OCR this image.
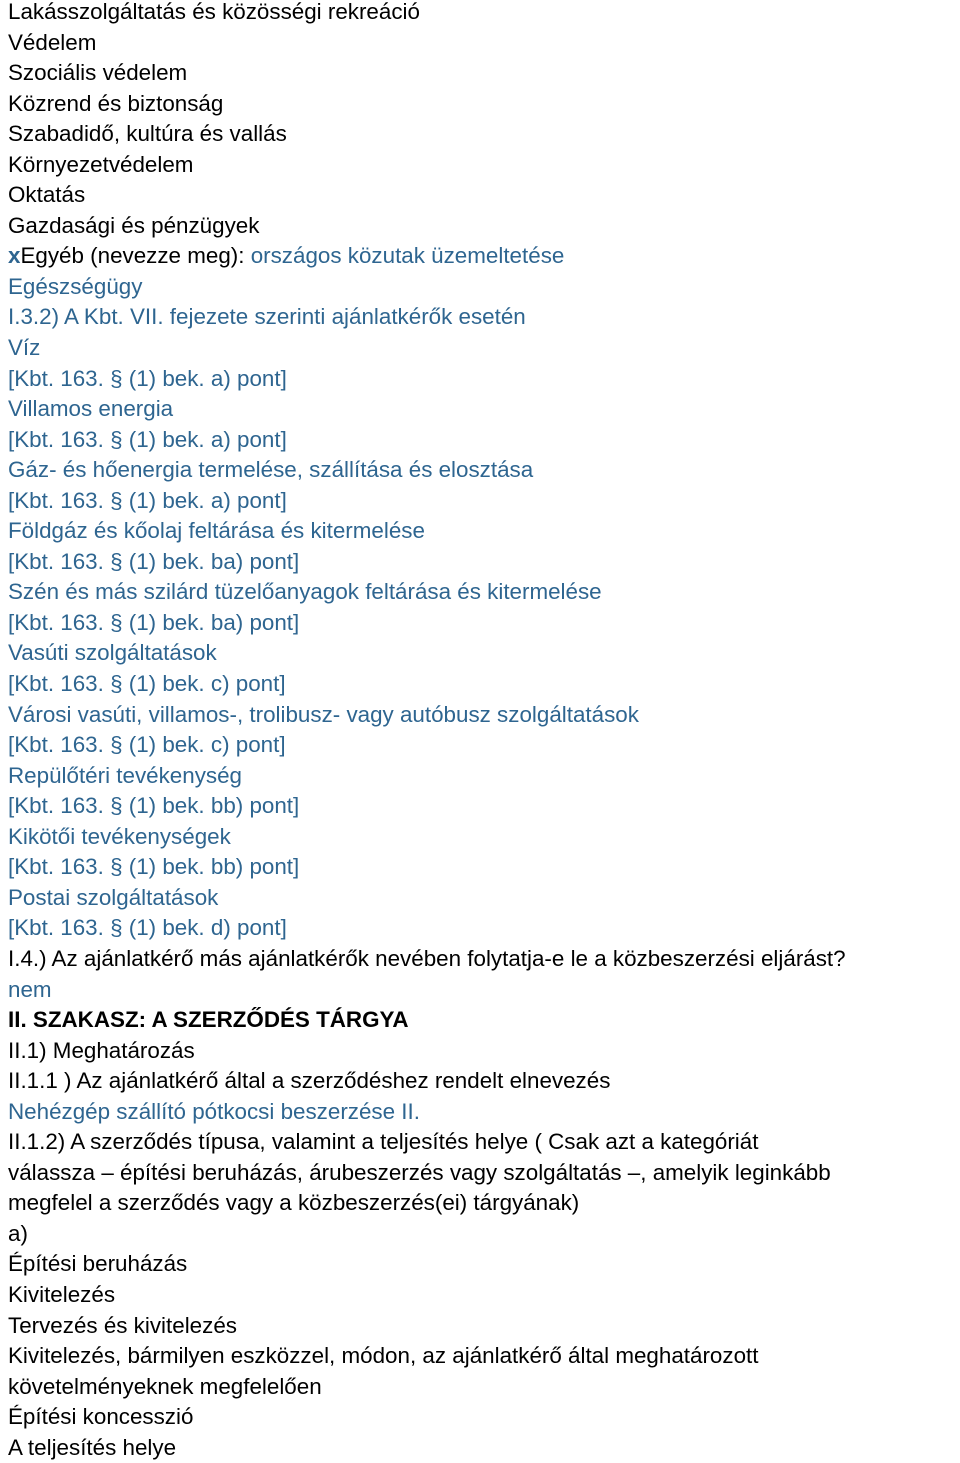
Lakásszolgáltatás és közösségi rekreáció
Védelem
Szociális védelem
Közrend és biztonság
Szabadidő, kultúra és vallás
Környezetvédelem
Oktatás
Gazdasági és pénzügyek
xEgyéb (nevezze meg): országos közutak üzemeltetése
Egészségügy
I.3.2) A Kbt. VII. fejezete szerinti ajánlatkérők esetén
Víz
[Kbt. 163. § (1) bek. a) pont]
Villamos energia
[Kbt. 163. § (1) bek. a) pont]
Gáz- és hőenergia termelése, szállítása és elosztása
[Kbt. 163. § (1) bek. a) pont]
Földgáz és kőolaj feltárása és kitermelése
[Kbt. 163. § (1) bek. ba) pont]
Szén és más szilárd tüzelőanyagok feltárása és kitermelése
[Kbt. 163. § (1) bek. ba) pont]
Vasúti szolgáltatások
[Kbt. 163. § (1) bek. c) pont]
Városi vasúti, villamos-, trolibusz- vagy autóbusz szolgáltatások
[Kbt. 163. § (1) bek. c) pont]
Repülőtéri tevékenység
[Kbt. 163. § (1) bek. bb) pont]
Kikötői tevékenységek
[Kbt. 163. § (1) bek. bb) pont]
Postai szolgáltatások
[Kbt. 163. § (1) bek. d) pont]
I.4.) Az ajánlatkérő más ajánlatkérők nevében folytatja-e le a közbeszerzési eljárást?
nem
II. SZAKASZ: A SZERZŐDÉS TÁRGYA
II.1) Meghatározás
II.1.1 ) Az ajánlatkérő által a szerződéshez rendelt elnevezés
Nehézgép szállító pótkocsi beszerzése II.
II.1.2) A szerződés típusa, valamint a teljesítés helye ( Csak azt a kategóriát
válassza – építési beruházás, árubeszerzés vagy szolgáltatás –, amelyik leginkább
megfelel a szerződés vagy a közbeszerzés(ei) tárgyának)
a)
Építési beruházás
Kivitelezés
Tervezés és kivitelezés
Kivitelezés, bármilyen eszközzel, módon, az ajánlatkérő által meghatározott
követelményeknek megfelelően
Építési koncesszió
A teljesítés helye
